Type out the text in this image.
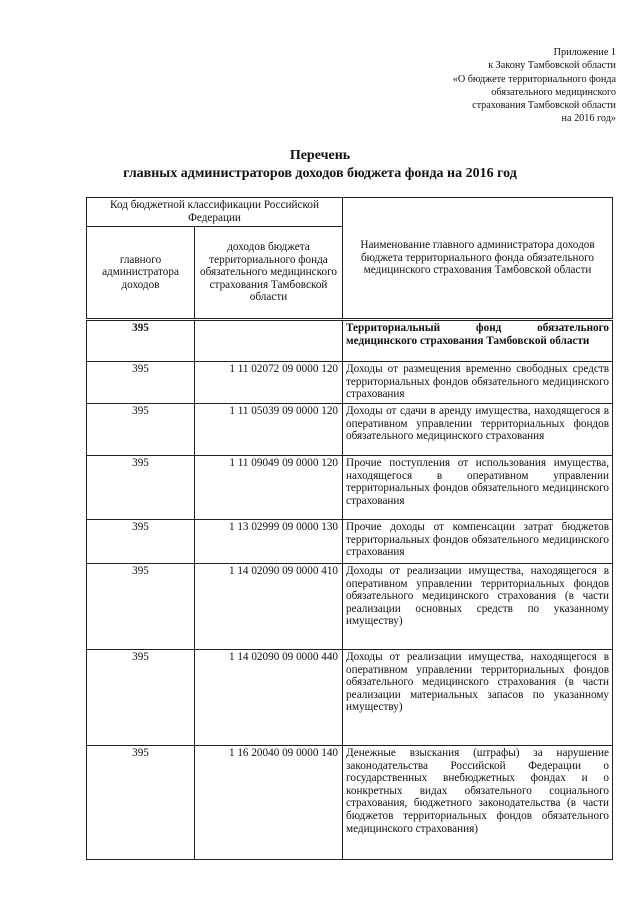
Приложение 1
к Закону Тамбовской области
«О бюджете территориального фонда
обязательного медицинского
страхования Тамбовской области
на 2016 год»
Перечень
главных администраторов доходов бюджета фонда на 2016 год
Код бюджетной классификации Российской Федерации		Наименование главного администратора доходов бюджета территориального фонда обязательного медицинского страхования Тамбовской области
главного администратора доходов	доходов бюджета территориального фонда обязательного медицинского страхования Тамбовской области	
395		Территориальный фонд обязательного медицинского страхования Тамбовской области
395	1 11 02072 09 0000 120	Доходы от размещения временно свободных средств территориальных фондов обязательного медицинского страхования
395	1 11 05039 09 0000 120	Доходы от сдачи в аренду имущества, находящегося в оперативном управлении территориальных фондов обязательного медицинского страхования
395	1 11 09049 09 0000 120	Прочие поступления от использования имущества, находящегося в оперативном управлении территориальных фондов обязательного медицинского страхования
395	1 13 02999 09 0000 130	Прочие доходы от компенсации затрат бюджетов территориальных фондов обязательного медицинского страхования
395	1 14 02090 09 0000 410	Доходы от реализации имущества, находящегося в оперативном управлении территориальных фондов обязательного медицинского страхования (в части реализации основных средств по указанному имуществу)
395	1 14 02090 09 0000 440	Доходы от реализации имущества, находящегося в оперативном управлении территориальных фондов обязательного медицинского страхования (в части реализации материальных запасов по указанному имуществу)
395	1 16 20040 09 0000 140	Денежные взыскания (штрафы) за нарушение законодательства Российской Федерации о государственных внебюджетных фондах и о конкретных видах обязательного социального страхования, бюджетного законодательства (в части бюджетов территориальных фондов обязательного медицинского страхования)
